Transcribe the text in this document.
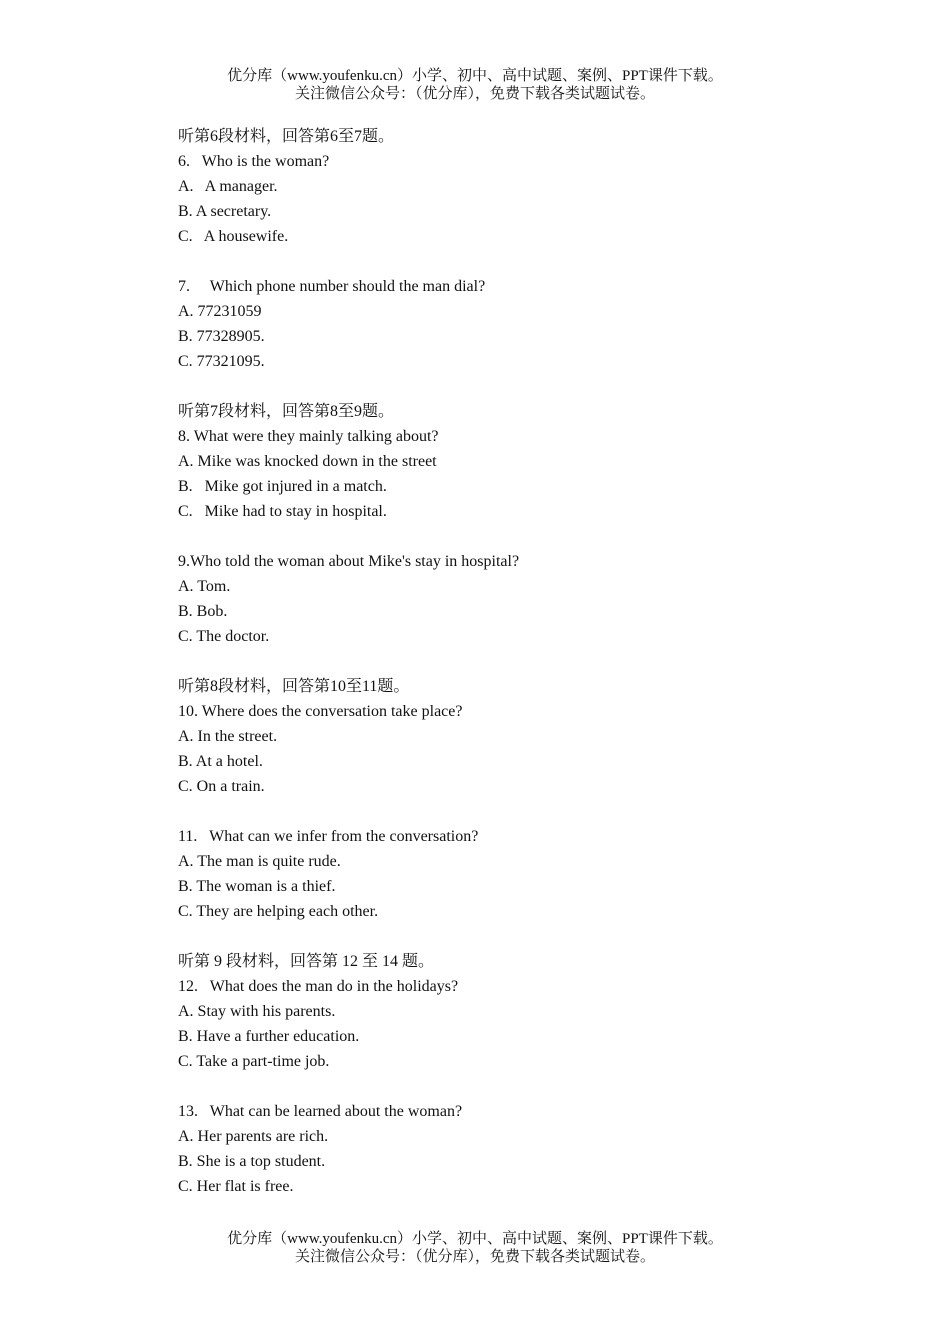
优分库（www.youfenku.cn）小学、初中、高中试题、案例、PPT课件下载。
关注微信公众号：（优分库），免费下载各类试题试卷。
听第6段材料，回答第6至7题。
6.   Who is the woman?
A.   A manager.
B. A secretary.
C.   A housewife.
7.     Which phone number should the man dial?
A. 77231059
B. 77328905.
C. 77321095.
听第7段材料，回答第8至9题。
8. What were they mainly talking about?
A. Mike was knocked down in the street
B.   Mike got injured in a match.
C.   Mike had to stay in hospital.
9.Who told the woman about Mike's stay in hospital?
A. Tom.
B. Bob.
C. The doctor.
听第8段材料，回答第10至11题。
10. Where does the conversation take place?
A. In the street.
B. At a hotel.
C. On a train.
11.   What can we infer from the conversation?
A. The man is quite rude.
B. The woman is a thief.
C. They are helping each other.
听第 9 段材料，回答第 12 至 14 题。
12.   What does the man do in the holidays?
A. Stay with his parents.
B. Have a further education.
C. Take a part-time job.
13.   What can be learned about the woman?
A. Her parents are rich.
B. She is a top student.
C. Her flat is free.
优分库（www.youfenku.cn）小学、初中、高中试题、案例、PPT课件下载。
关注微信公众号：（优分库），免费下载各类试题试卷。
